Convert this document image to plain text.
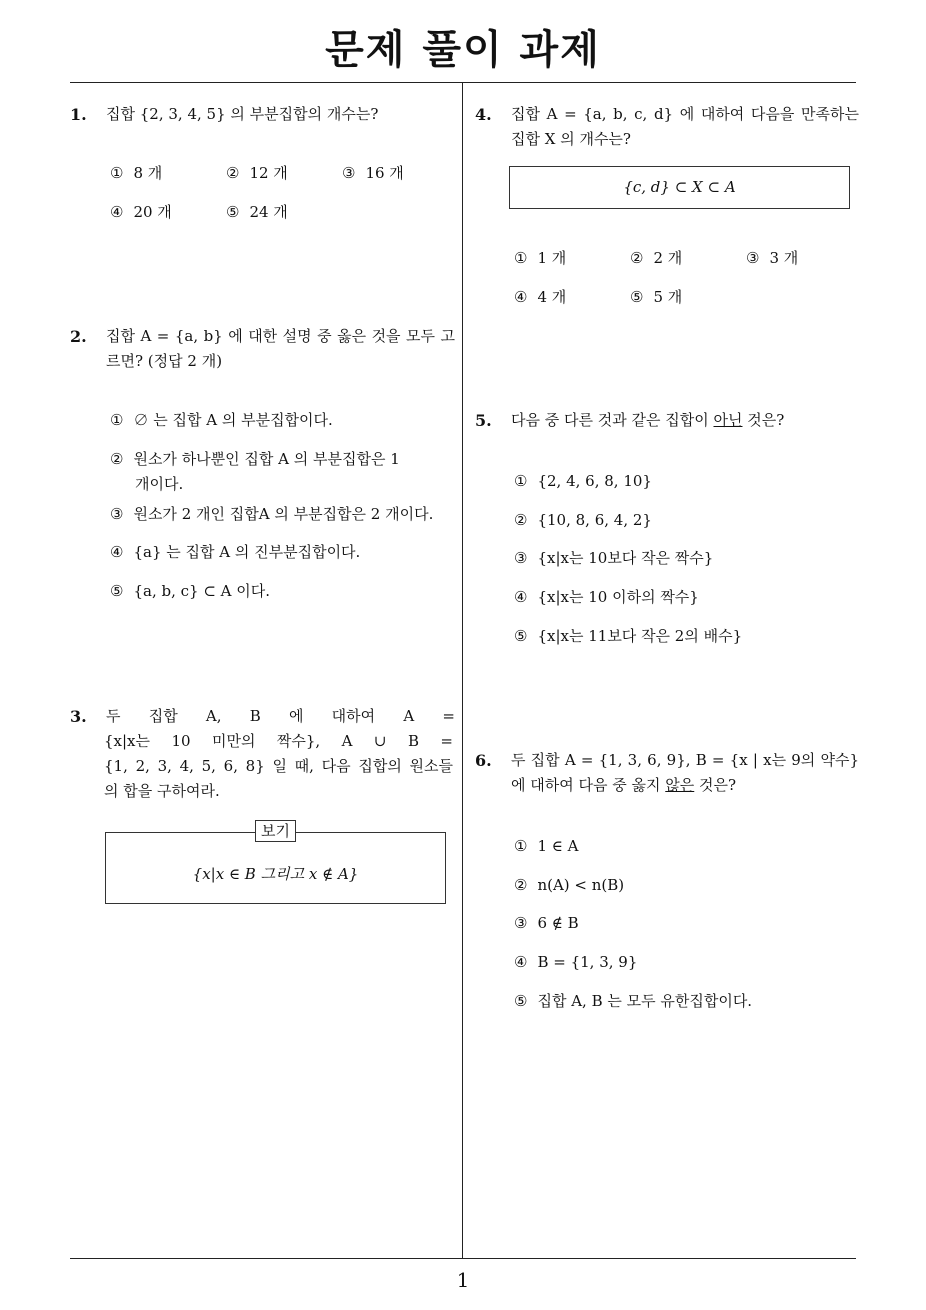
문제 풀이 과제
1. 집합 {2, 3, 4, 5} 의 부분집합의 개수는?
① 8 개	② 12 개	③ 16 개
④ 20 개	⑤ 24 개
2. 집합 A = {a, b} 에 대한 설명 중 옳은 것을 모두 고
르면? (정답 2 개)
① ∅ 는 집합 A 의 부분집합이다.
② 원소가 하나뿐인 집합 A 의 부분집합은 1
개이다.
③ 원소가 2 개인 집합A 의 부분집합은 2 개이다.
④ {a} 는 집합 A 의 진부분집합이다.
⑤ {a, b, c} ⊂ A 이다.
3. 두 집합 A, B 에 대하여 A =
{x|x는 10 미만의 짝수}, A ∪ B =
{1, 2, 3, 4, 5, 6, 8} 일 때, 다음 집합의 원소들
의 합을 구하여라.
{x|x ∈ B 그리고 x ∉ A}
보기
4. 집합 A = {a, b, c, d} 에 대하여 다음을 만족하는
집합 X 의 개수는?
{c, d} ⊂ X ⊂ A
① 1 개	② 2 개	③ 3 개
④ 4 개	⑤ 5 개
5. 다음 중 다른 것과 같은 집합이 아닌 것은?
① {2, 4, 6, 8, 10}
② {10, 8, 6, 4, 2}
③ {x|x는 10보다 작은 짝수}
④ {x|x는 10 이하의 짝수}
⑤ {x|x는 11보다 작은 2의 배수}
6. 두 집합 A = {1, 3, 6, 9}, B = {x | x는 9의 약수}
에 대하여 다음 중 옳지 않은 것은?
① 1 ∈ A
② n(A) < n(B)
③ 6 ∉ B
④ B = {1, 3, 9}
⑤ 집합 A, B 는 모두 유한집합이다.
1
